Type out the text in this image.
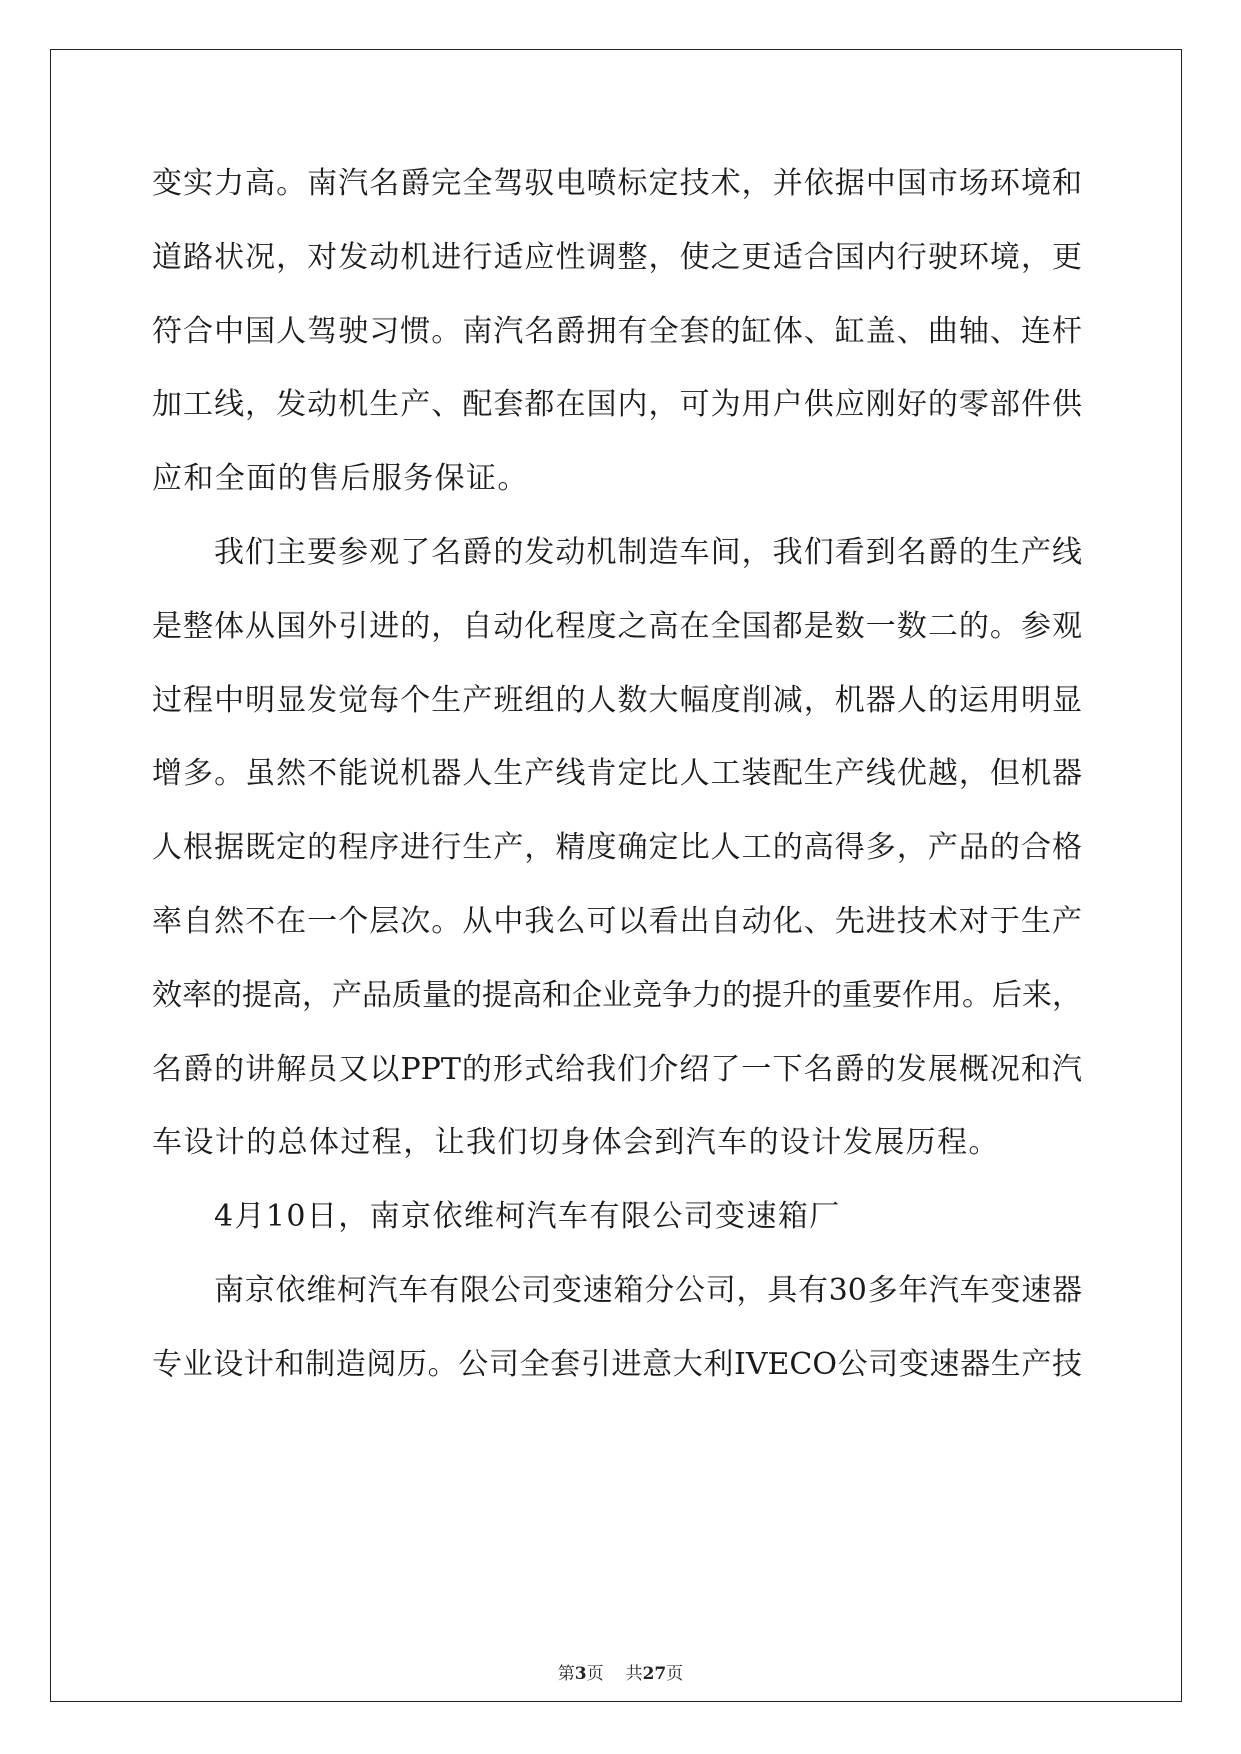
变实力高。南汽名爵完全驾驭电喷标定技术，并依据中国市场环境和
道路状况，对发动机进行适应性调整，使之更适合国内行驶环境，更
符合中国人驾驶习惯。南汽名爵拥有全套的缸体、缸盖、曲轴、连杆
加工线，发动机生产、配套都在国内，可为用户供应刚好的零部件供
应和全面的售后服务保证。
我们主要参观了名爵的发动机制造车间，我们看到名爵的生产线
是整体从国外引进的，自动化程度之高在全国都是数一数二的。参观
过程中明显发觉每个生产班组的人数大幅度削减，机器人的运用明显
增多。虽然不能说机器人生产线肯定比人工装配生产线优越，但机器
人根据既定的程序进行生产，精度确定比人工的高得多，产品的合格
率自然不在一个层次。从中我么可以看出自动化、先进技术对于生产
效率的提高，产品质量的提高和企业竞争力的提升的重要作用。后来，
名爵的讲解员又以PPT的形式给我们介绍了一下名爵的发展概况和汽
车设计的总体过程，让我们切身体会到汽车的设计发展历程。
4月10日，南京依维柯汽车有限公司变速箱厂
南京依维柯汽车有限公司变速箱分公司，具有30多年汽车变速器
专业设计和制造阅历。公司全套引进意大利IVECO公司变速器生产技
第3页 共27页
